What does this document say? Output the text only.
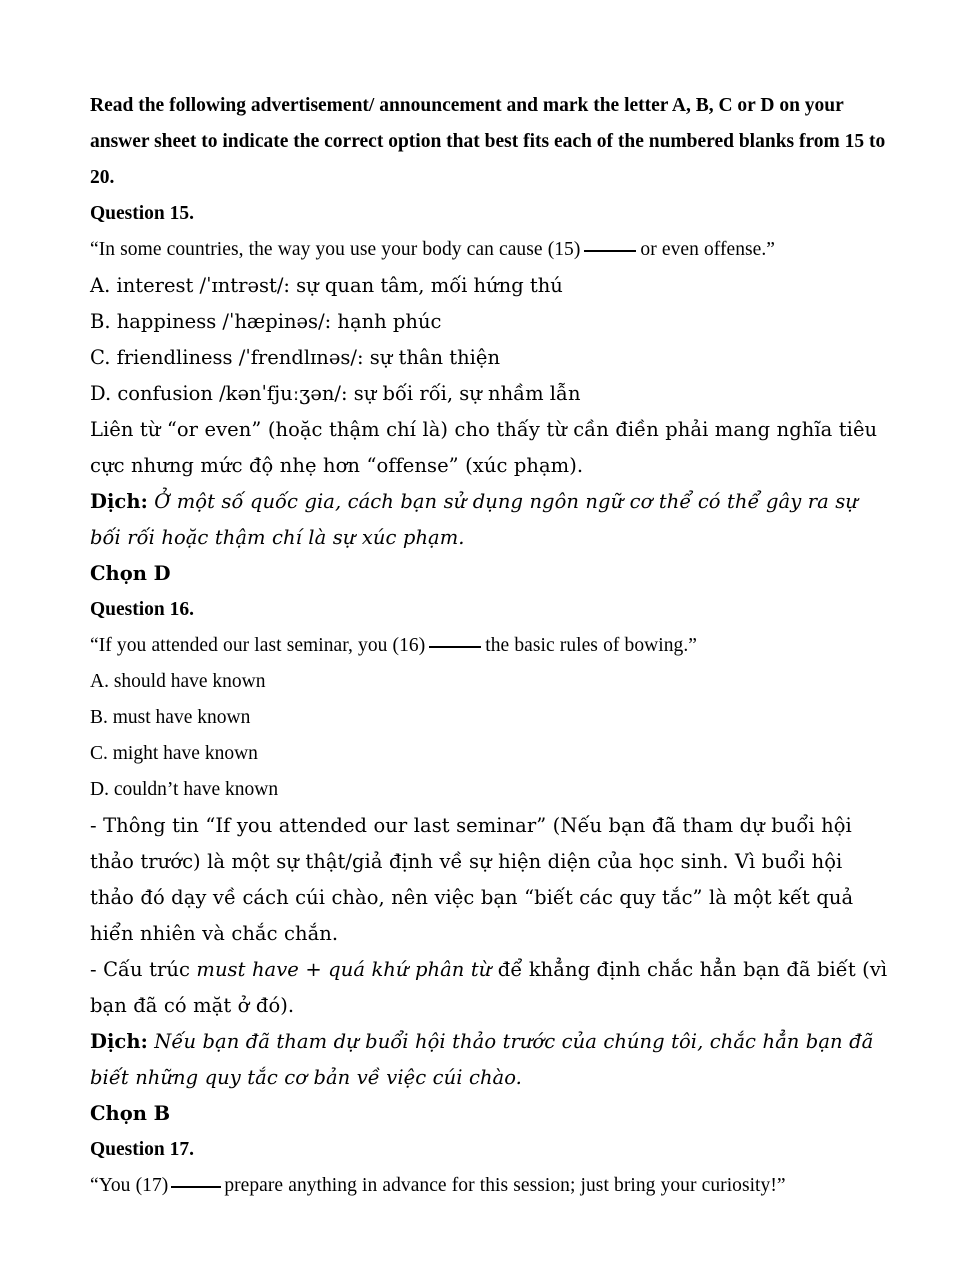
Read the following advertisement/ announcement and mark the letter A, B, C or D on your answer sheet to indicate the correct option that best fits each of the numbered blanks from 15 to 20.

Question 15.

“In some countries, the way you use your body can cause (15)	or even offense.”

A. interest /ˈɪntrəst/: sự quan tâm, mối hứng thú

B. happiness /ˈhæpinəs/: hạnh phúc

C. friendliness /ˈfrendlɪnəs/: sự thân thiện

D. confusion /kənˈfjuːʒən/: sự bối rối, sự nhầm lẫn

Liên từ “or even” (hoặc thậm chí là) cho thấy từ cần điền phải mang nghĩa tiêu cực nhưng mức độ nhẹ hơn “offense” (xúc phạm).

Dịch: Ở một số quốc gia, cách bạn sử dụng ngôn ngữ cơ thể có thể gây ra sự bối rối hoặc thậm chí là sự xúc phạm.

Chọn D

Question 16.

“If you attended our last seminar, you (16)	the basic rules of bowing.”

A. should have known

B. must have known

C. might have known

D. couldn’t have known

- Thông tin “If you attended our last seminar” (Nếu bạn đã tham dự buổi hội thảo trước) là một sự thật/giả định về sự hiện diện của học sinh. Vì buổi hội thảo đó dạy về cách cúi chào, nên việc bạn “biết các quy tắc” là một kết quả hiển nhiên và chắc chắn.

- Cấu trúc must have + quá khứ phân từ để khẳng định chắc hẳn bạn đã biết (vì bạn đã có mặt ở đó).

Dịch: Nếu bạn đã tham dự buổi hội thảo trước của chúng tôi, chắc hẳn bạn đã biết những quy tắc cơ bản về việc cúi chào.

Chọn B

Question 17.

“You (17)	prepare anything in advance for this session; just bring your curiosity!”
